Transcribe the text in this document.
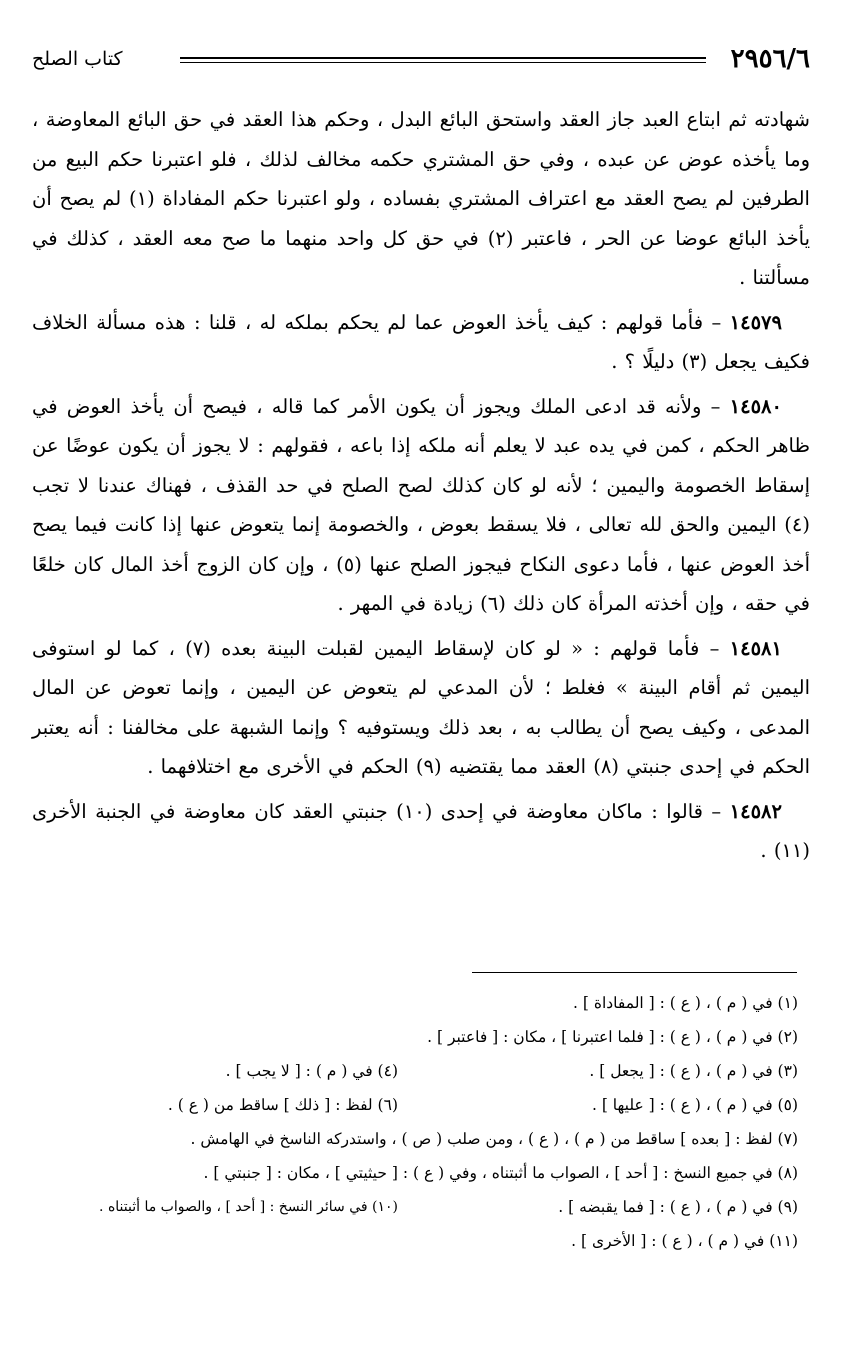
٢٩٥٦/٦
كتاب الصلح

شهادته ثم ابتاع العبد جاز العقد واستحق البائع البدل ، وحكم هذا العقد في حق البائع المعاوضة ، وما يأخذه عوض عن عبده ، وفي حق المشتري حكمه مخالف لذلك ، فلو اعتبرنا حكم البيع من الطرفين لم يصح العقد مع اعتراف المشتري بفساده ، ولو اعتبرنا حكم المفاداة (١) لم يصح أن يأخذ البائع عوضا عن الحر ، فاعتبر (٢) في حق كل واحد منهما ما صح معه العقد ، كذلك في مسألتنا .

١٤٥٧٩ – فأما قولهم : كيف يأخذ العوض عما لم يحكم بملكه له ، قلنا : هذه مسألة الخلاف فكيف يجعل (٣) دليلًا ؟ .

١٤٥٨٠ – ولأنه قد ادعى الملك ويجوز أن يكون الأمر كما قاله ، فيصح أن يأخذ العوض في ظاهر الحكم ، كمن في يده عبد لا يعلم أنه ملكه إذا باعه ، فقولهم : لا يجوز أن يكون عوضًا عن إسقاط الخصومة واليمين ؛ لأنه لو كان كذلك لصح الصلح في حد القذف ، فهناك عندنا لا تجب (٤) اليمين والحق لله تعالى ، فلا يسقط بعوض ، والخصومة إنما يتعوض عنها إذا كانت فيما يصح أخذ العوض عنها ، فأما دعوى النكاح فيجوز الصلح عنها (٥) ، وإن كان الزوج أخذ المال كان خلعًا في حقه ، وإن أخذته المرأة كان ذلك (٦) زيادة في المهر .

١٤٥٨١ – فأما قولهم : « لو كان لإسقاط اليمين لقبلت البينة بعده (٧) ، كما لو استوفى اليمين ثم أقام البينة » فغلط ؛ لأن المدعي لم يتعوض عن اليمين ، وإنما تعوض عن المال المدعى ، وكيف يصح أن يطالب به ، بعد ذلك ويستوفيه ؟ وإنما الشبهة على مخالفنا : أنه يعتبر الحكم في إحدى جنبتي (٨) العقد مما يقتضيه (٩) الحكم في الأخرى مع اختلافهما .

١٤٥٨٢ – قالوا : ماكان معاوضة في إحدى (١٠) جنبتي العقد كان معاوضة في الجنبة الأخرى (١١) .

(١) في ( م ) ، ( ع ) : [ المفاداة ] .
(٢) في ( م ) ، ( ع ) : [ فلما اعتبرنا ] ، مكان : [ فاعتبر ] .
(٣) في ( م ) ، ( ع ) : [ يجعل ] .
(٤) في ( م ) : [ لا يجب ] .
(٥) في ( م ) ، ( ع ) : [ عليها ] .
(٦) لفظ : [ ذلك ] ساقط من ( ع ) .
(٧) لفظ : [ بعده ] ساقط من ( م ) ، ( ع ) ، ومن صلب ( ص ) ، واستدركه الناسخ في الهامش .
(٨) في جميع النسخ : [ أحد ] ، الصواب ما أثبتناه ، وفي ( ع ) : [ حيثيتي ] ، مكان : [ جنبتي ] .
(٩) في ( م ) ، ( ع ) : [ فما يقبضه ] .
(١٠) في سائر النسخ : [ أحد ] ، والصواب ما أثبتناه .
(١١) في ( م ) ، ( ع ) : [ الأخرى ] .
